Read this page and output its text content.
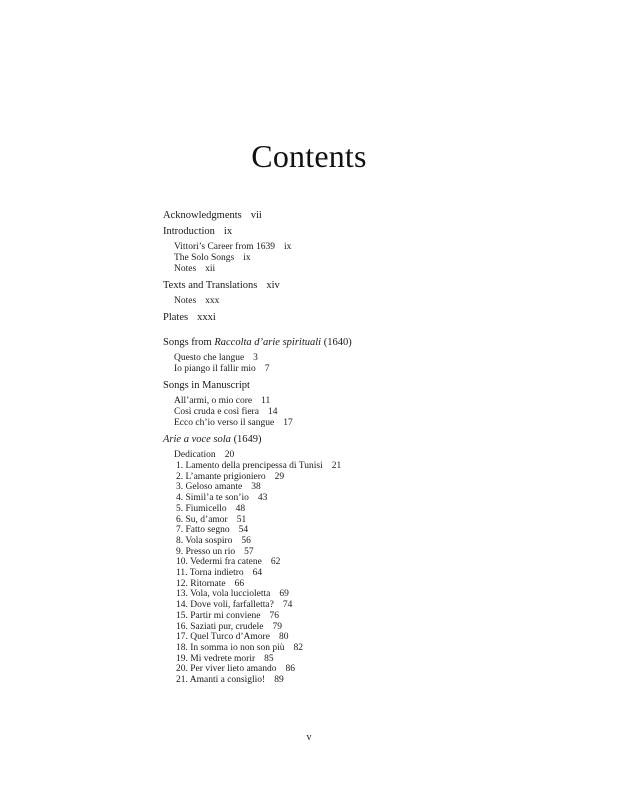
Contents
Acknowledgments vii
Introduction ix
Vittori’s Career from 1639 ix
The Solo Songs ix
Notes xii
Texts and Translations xiv
Notes xxx
Plates xxxi
Songs from Raccolta d’arie spirituali (1640)
Questo che langue 3
Io piango il fallir mio 7
Songs in Manuscript
All’armi, o mio core 11
Così cruda e così fiera 14
Ecco ch’io verso il sangue 17
Arie a voce sola (1649)
Dedication 20
1. Lamento della prencipessa di Tunisi 21
2. L’amante prigioniero 29
3. Geloso amante 38
4. Simil’a te son’io 43
5. Fiumicello 48
6. Su, d’amor 51
7. Fatto segno 54
8. Vola sospiro 56
9. Presso un rio 57
10. Vedermi fra catene 62
11. Torna indietro 64
12. Ritornate 66
13. Vola, vola luccioletta 69
14. Dove voli, farfalletta? 74
15. Partir mi conviene 76
16. Saziati pur, crudele 79
17. Quel Turco d’Amore 80
18. In somma io non son più 82
19. Mi vedrete morir 85
20. Per viver lieto amando 86
21. Amanti a consiglio! 89
v
